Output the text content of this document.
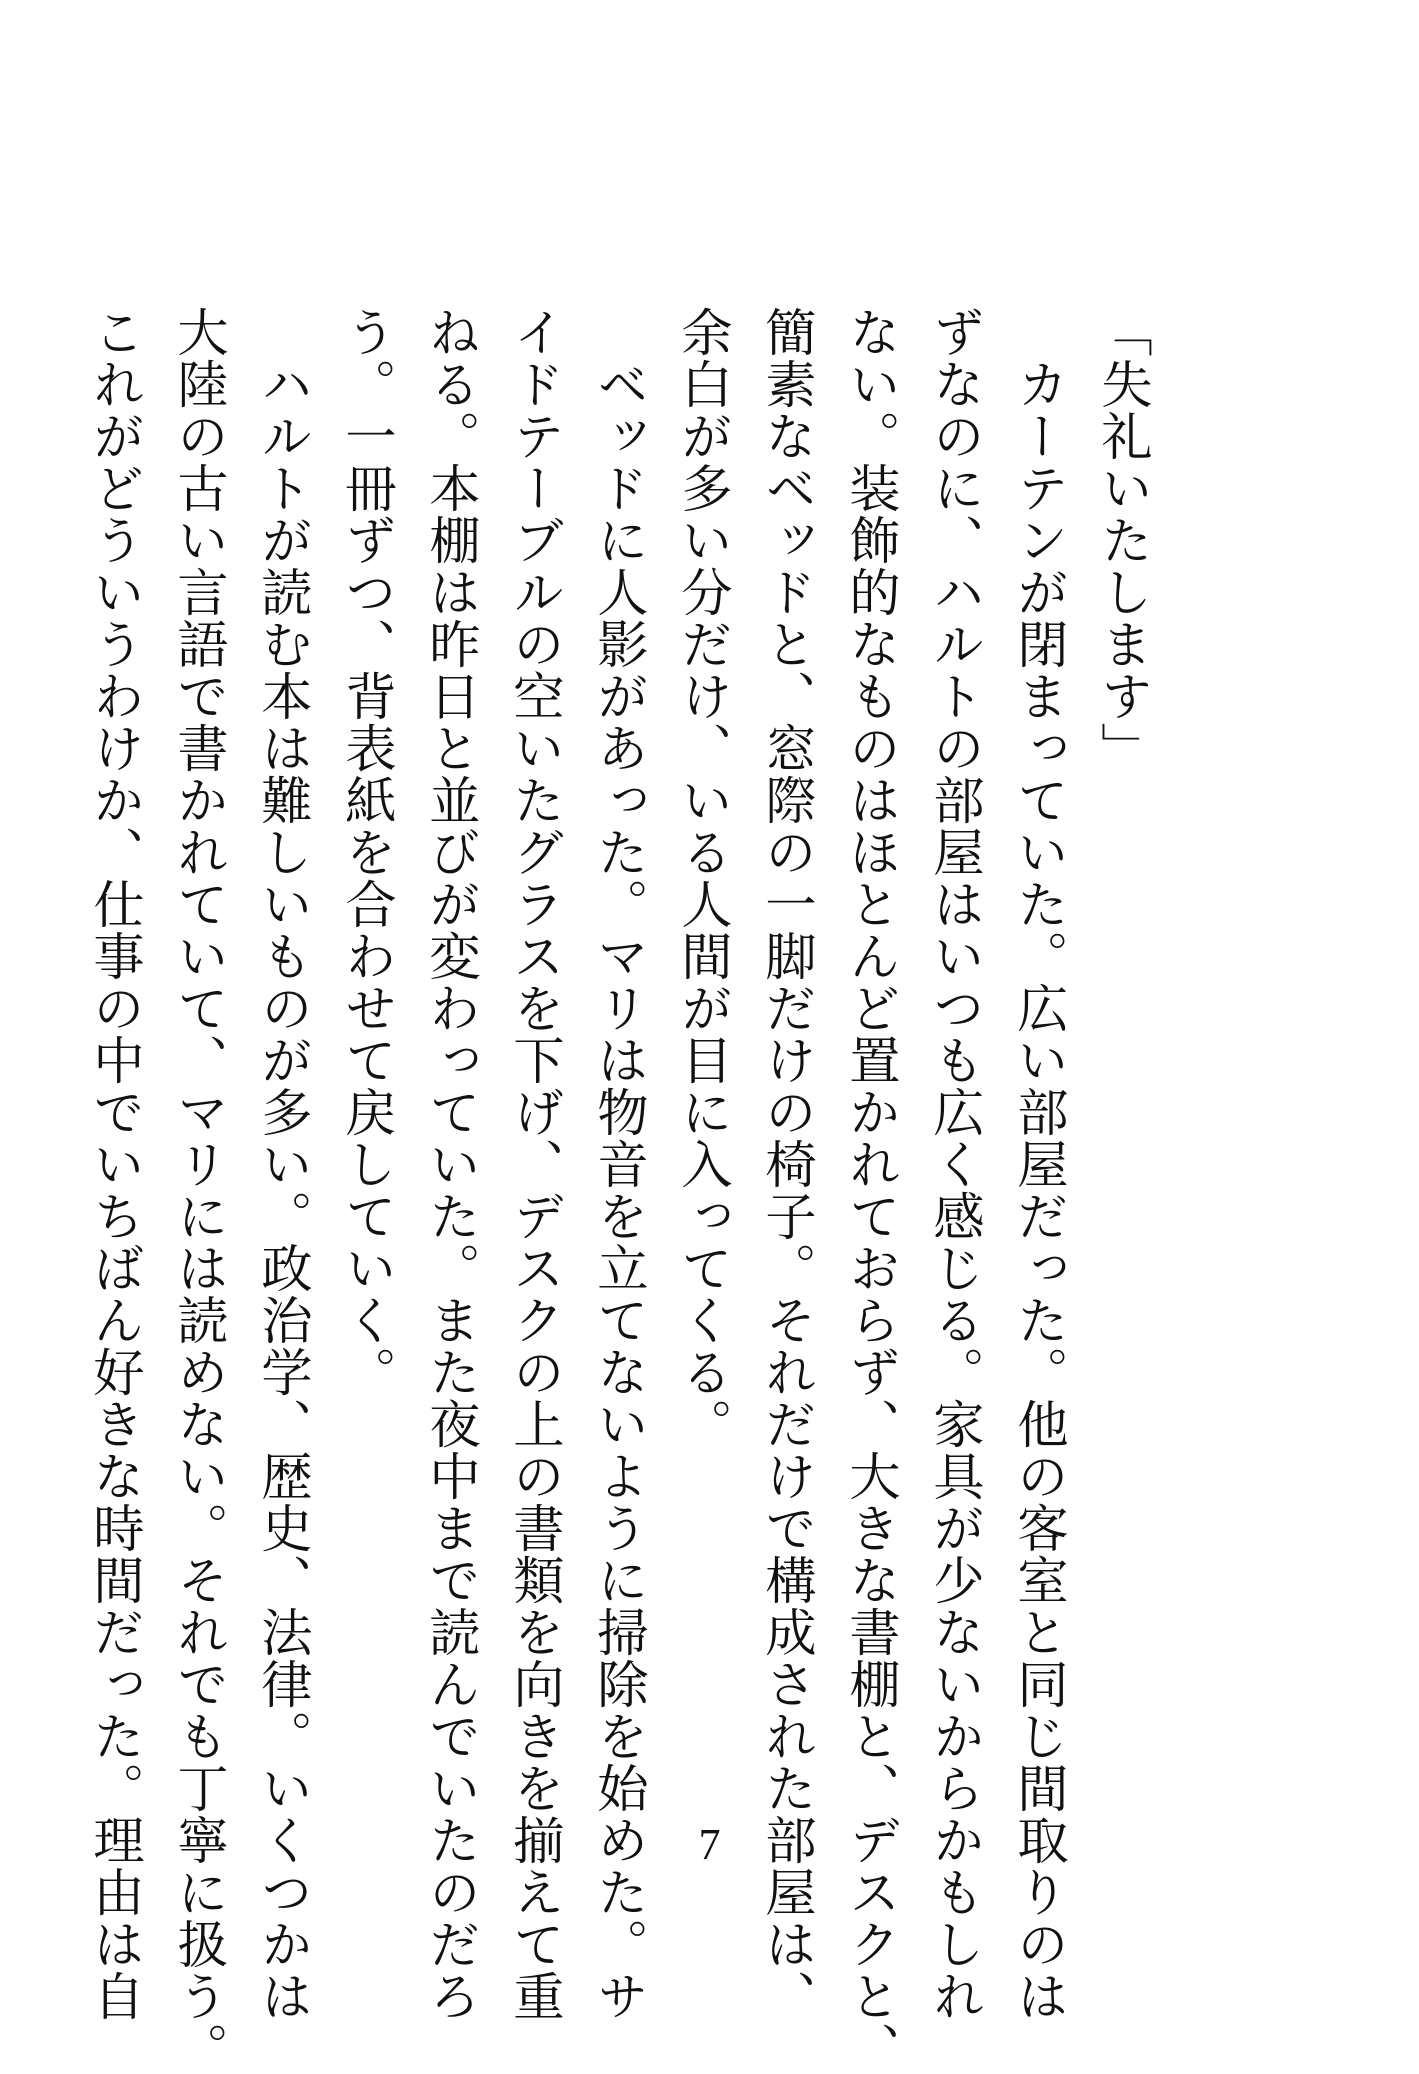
「失礼いたします」
　カーテンが閉まっていた。広い部屋だった。他の客室と同じ間取りのは
ずなのに、ハルトの部屋はいつも広く感じる。家具が少ないからかもしれ
ない。装飾的なものはほとんど置かれておらず、大きな書棚と、デスクと、
簡素なベッドと、窓際の一脚だけの椅子。それだけで構成された部屋は、
余白が多い分だけ、いる人間が目に入ってくる。
　ベッドに人影があった。マリは物音を立てないように掃除を始めた。サ
イドテーブルの空いたグラスを下げ、デスクの上の書類を向きを揃えて重
ねる。本棚は昨日と並びが変わっていた。また夜中まで読んでいたのだろ
う。一冊ずつ、背表紙を合わせて戻していく。
　ハルトが読む本は難しいものが多い。政治学、歴史、法律。いくつかは
大陸の古い言語で書かれていて、マリには読めない。それでも丁寧に扱う。
これがどういうわけか、仕事の中でいちばん好きな時間だった。理由は自	7
